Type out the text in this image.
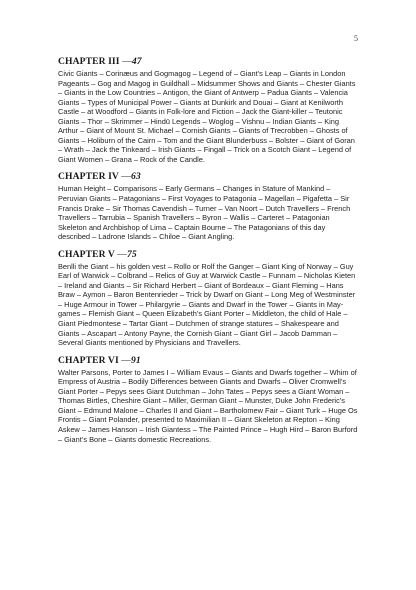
5
CHAPTER III —47

Civic Giants – Corinæus and Gogmagog – Legend of – Giant’s Leap – Giants in London Pageants – Gog and Magog in Guildhall – Midsummer Shows and Giants – Chester Giants – Giants in the Low Countries – Antigon, the Giant of Antwerp – Padua Giants – Valencia Giants – Types of Municipal Power – Giants at Dunkirk and Douai – Giant at Kenilworth Castle – at Woodford – Giants in Folk-lore and Fiction – Jack the Giant-killer – Teutonic Giants – Thor – Skrimmer – Hindū Legends – Woglog – Vishnu – Indian Giants – King Arthur – Giant of Mount St. Michael – Cornish Giants – Giants of Trecrobben – Ghosts of Giants – Holiburn of the Cairn – Tom and the Giant Blunderbuss – Bolster – Giant of Goran – Wrath – Jack the Tinkeard – Irish Giants – Fingall – Trick on a Scotch Giant – Legend of Giant Women – Grana – Rock of the Candle.

CHAPTER IV —63

Human Height – Comparisons – Early Germans – Changes in Stature of Mankind – Peruvian Giants – Patagonians – First Voyages to Patagonia – Magellan – Pigafetta – Sir Francis Drake – Sir Thomas Cavendish – Turner – Van Noort – Dutch Travellers – French Travellers – Tarrubia – Spanish Travellers – Byron – Wallis – Carteret – Patagonian Skeleton and Archbishop of Lima – Captain Bourne – The Patagonians of this day described – Ladrone Islands – Chiloe – Giant Angling.

CHAPTER V —75

Benlli the Giant – his golden vest – Rollo or Rolf the Ganger – Giant King of Norway – Guy Earl of Warwick – Colbrand – Relics of Guy at Warwick Castle – Funnam – Nicholas Kieten – Ireland and Giants – Sir Richard Herbert – Giant of Bordeaux – Giant Fleming – Hans Braw – Aymon – Baron Bentenrieder – Trick by Dwarf on Giant – Long Meg of Westminster – Huge Armour in Tower – Philargyrie – Giants and Dwarf in the Tower – Giants in May-games – Flemish Giant – Queen Elizabeth’s Giant Porter – Middleton, the child of Hale – Giant Piedmontese – Tartar Giant – Dutchmen of strange statures – Shakespeare and Giants – Ascapart – Antony Payne, the Cornish Giant – Giant Girl – Jacob Damman – Several Giants mentioned by Physicians and Travellers.

CHAPTER VI —91

Walter Parsons, Porter to James I – William Evaus – Giants and Dwarfs together – Whim of Empress of Austria – Bodily Differences between Giants and Dwarfs – Oliver Cromwell’s Giant Porter – Pepys sees Giant Dutchman – John Tates – Pepys sees a Giant Woman – Thomas Birtles, Cheshire Giant – Miller, German Giant – Munster, Duke John Frederic’s Giant – Edmund Malone – Charles II and Giant – Bartholomew Fair – Giant Turk – Huge Os Frontis – Giant Polander, presented to Maximilian II – Giant Skeleton at Repton – King Askew – James Hanson – Irish Giantess – The Painted Prince – Hugh Hird – Baron Burford – Giant’s Bone – Giants domestic Recreations.
